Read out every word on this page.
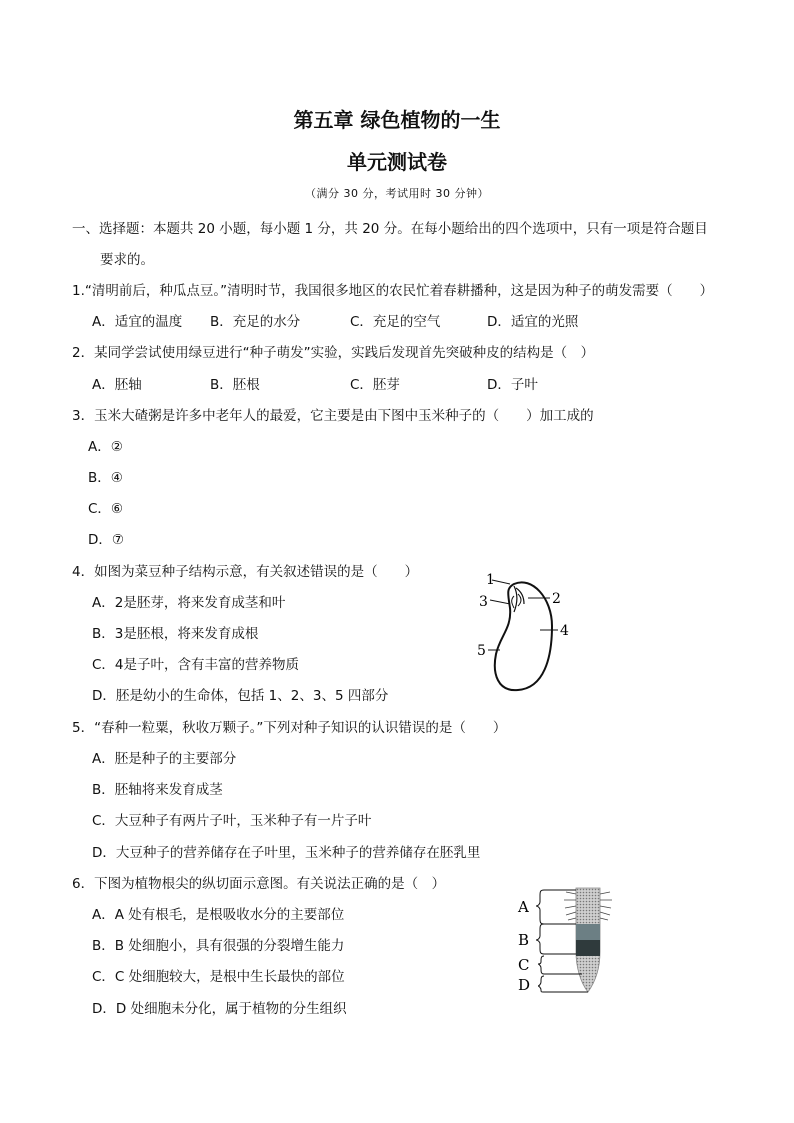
第五章 绿色植物的一生
单元测试卷
（满分 30 分，考试用时 30 分钟）
一、选择题：本题共 20 小题，每小题 1 分，共 20 分。在每小题给出的四个选项中，只有一项是符合题目
要求的。
1.“清明前后，种瓜点豆。”清明时节，我国很多地区的农民忙着春耕播种，这是因为种子的萌发需要（　　）
A．适宜的温度 B．充足的水分	C．充足的空气	D．适宜的光照
2．某同学尝试使用绿豆进行“种子萌发”实验，实践后发现首先突破种皮的结构是（　）
A．胚轴	B．胚根	C．胚芽	D．子叶
3．玉米大碴粥是许多中老年人的最爱，它主要是由下图中玉米种子的（　　）加工成的
A．②
B．④
C．⑥
D．⑦
4．如图为菜豆种子结构示意，有关叙述错误的是（　　）
A．2是胚芽，将来发育成茎和叶
B．3是胚根，将来发育成根
C．4是子叶，含有丰富的营养物质
D．胚是幼小的生命体，包括 1、2、3、5 四部分
1
2
3
4
5
5．“春种一粒粟，秋收万颗子。”下列对种子知识的认识错误的是（　　）
A．胚是种子的主要部分
B．胚轴将来发育成茎
C．大豆种子有两片子叶，玉米种子有一片子叶
D．大豆种子的营养储存在子叶里，玉米种子的营养储存在胚乳里
6．下图为植物根尖的纵切面示意图。有关说法正确的是（　）
A．A 处有根毛，是根吸收水分的主要部位
B．B 处细胞小，具有很强的分裂增生能力
C．C 处细胞较大，是根中生长最快的部位
D．D 处细胞未分化，属于植物的分生组织
A
B
C
D
